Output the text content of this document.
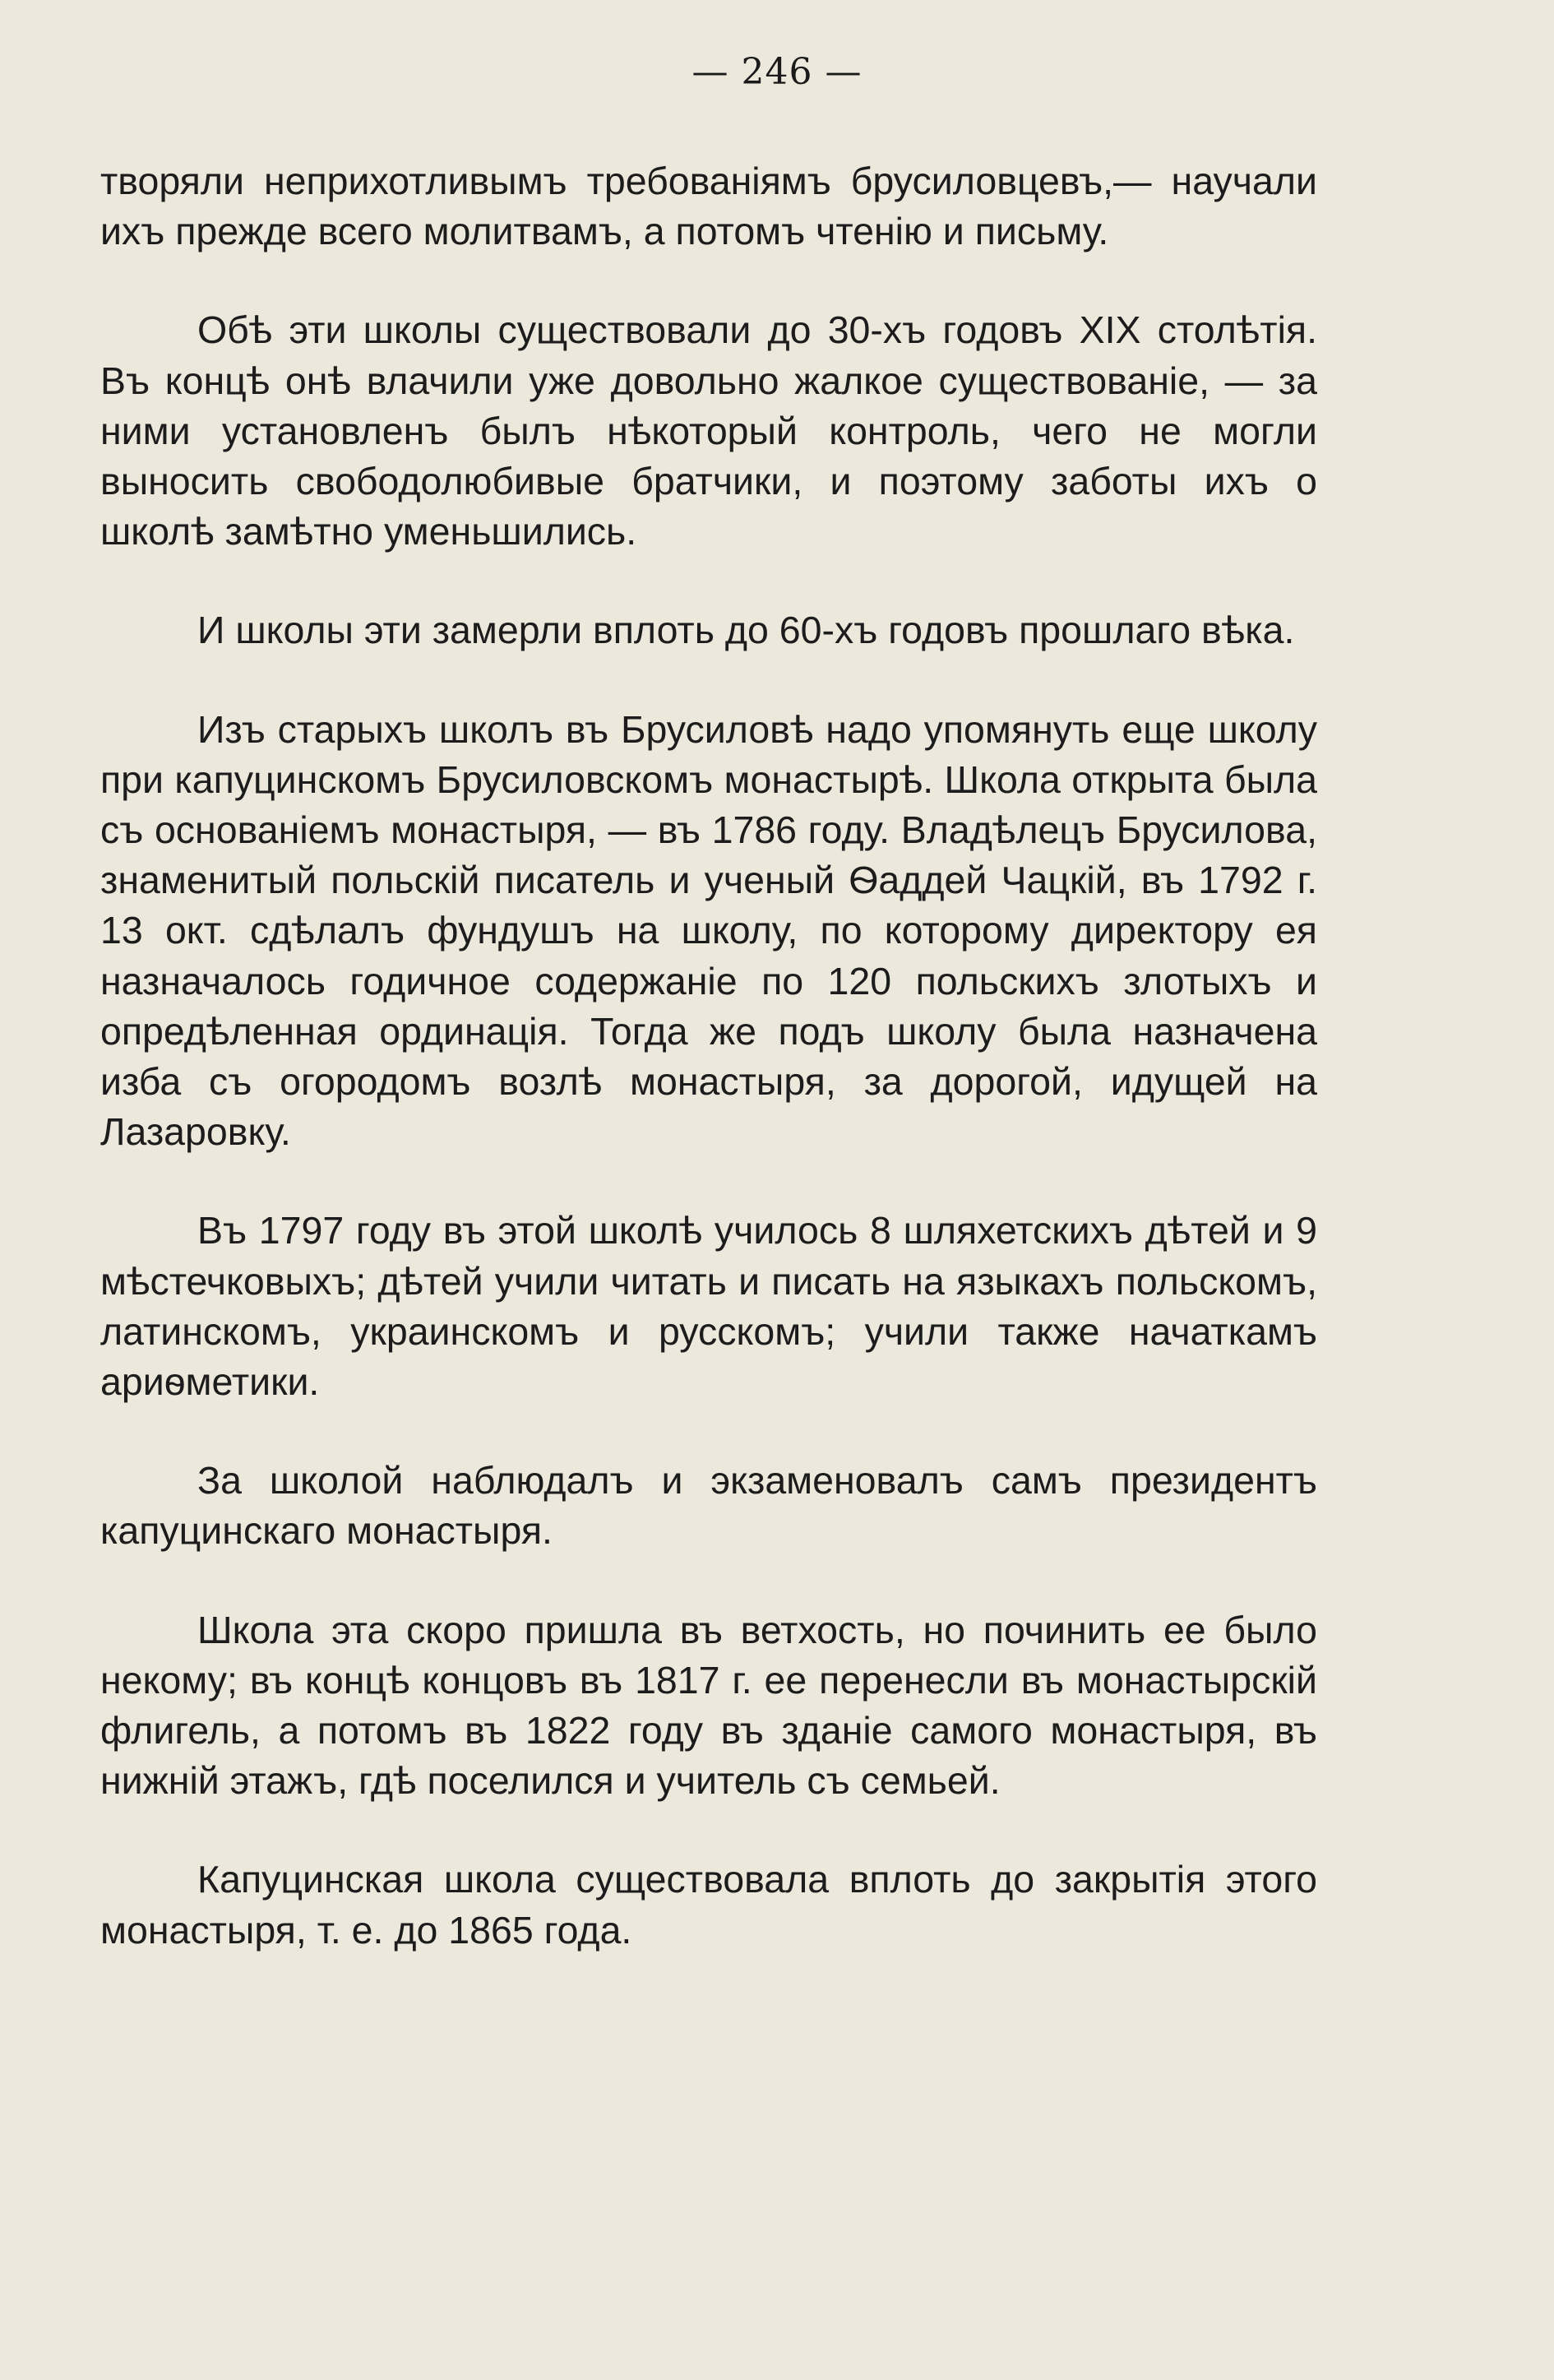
— 246 —

творяли неприхотливымъ требованіямъ брусиловцевъ,— научали ихъ прежде всего молитвамъ, а потомъ чтенію и письму.

Обѣ эти школы существовали до 30-хъ годовъ XIX столѣтія. Въ концѣ онѣ влачили уже довольно жалкое существованіе, — за ними установленъ былъ нѣкоторый контроль, чего не могли выносить свободолюбивые братчики, и поэтому заботы ихъ о школѣ замѣтно уменьшились.

И школы эти замерли вплоть до 60-хъ годовъ прошлаго вѣка.

Изъ старыхъ школъ въ Брусиловѣ надо упомянуть еще школу при капуцинскомъ Брусиловскомъ монастырѣ. Школа открыта была съ основаніемъ монастыря, — въ 1786 году. Владѣлецъ Брусилова, знаменитый польскій писатель и ученый Ѳаддей Чацкій, въ 1792 г. 13 окт. сдѣлалъ фундушъ на школу, по которому директору ея назначалось годичное содержаніе по 120 польскихъ злотыхъ и опредѣленная ординація. Тогда же подъ школу была назначена изба съ огородомъ возлѣ монастыря, за дорогой, идущей на Лазаровку.

Въ 1797 году въ этой школѣ училось 8 шляхетскихъ дѣтей и 9 мѣстечковыхъ; дѣтей учили читать и писать на языкахъ польскомъ, латинскомъ, украинскомъ и русскомъ; учили также начаткамъ ариѳметики.

За школой наблюдалъ и экзаменовалъ самъ президентъ капуцинскаго монастыря.

Школа эта скоро пришла въ ветхость, но починить ее было некому; въ концѣ концовъ въ 1817 г. ее перенесли въ монастырскій флигель, а потомъ въ 1822 году въ зданіе самого монастыря, въ нижній этажъ, гдѣ поселился и учитель съ семьей.

Капуцинская школа существовала вплоть до закрытія этого монастыря, т. е. до 1865 года.
